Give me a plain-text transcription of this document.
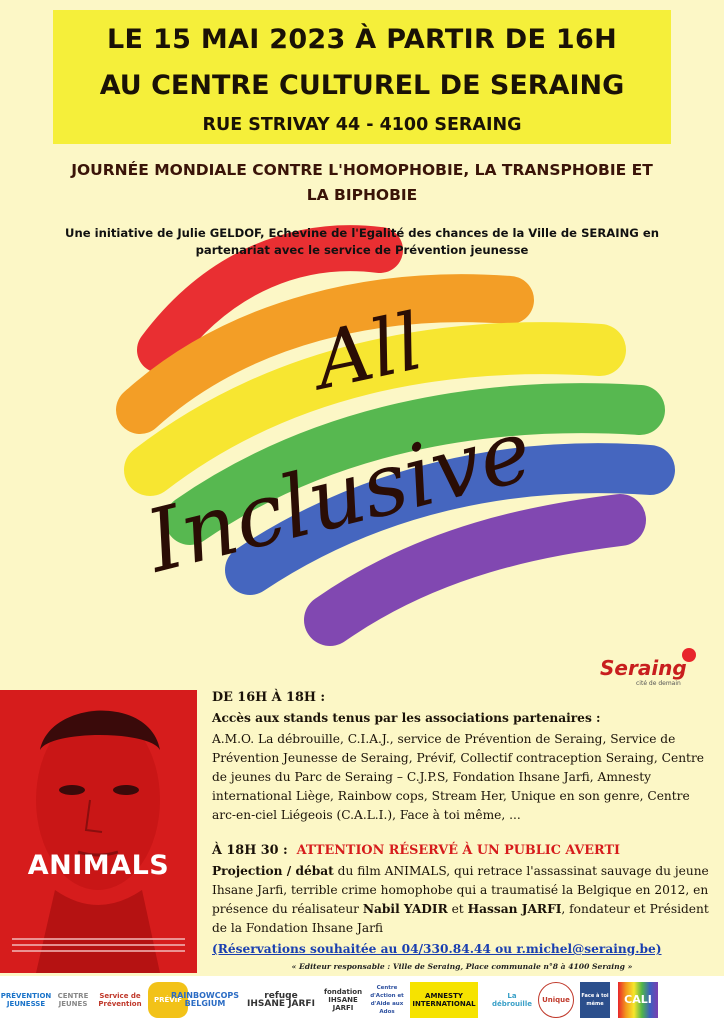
LE 15 MAI 2023 À PARTIR DE 16H
AU CENTRE CULTUREL DE SERAING
RUE STRIVAY 44 - 4100 SERAING
JOURNÉE MONDIALE CONTRE L'HOMOPHOBIE, LA TRANSPHOBIE ET
LA BIPHOBIE
All
Inclusive
Une initiative de Julie GELDOF, Echevine de l'Egalité des chances de la Ville de SERAING en
partenariat avec le service de Prévention jeunesse
Seraing
cité de demain
ANIMALS

DE 16H À 18H :

Accès aux stands tenus par les associations partenaires :

A.M.O. La débrouille, C.I.A.J., service de Prévention de Seraing, Service de Prévention Jeunesse de Seraing, Prévif, Collectif contraception Seraing, Centre de jeunes du Parc de Seraing – C.J.P.S, Fondation Ihsane Jarfi, Amnesty international Liège, Rainbow cops, Stream Her, Unique en son genre, Centre arc-en-ciel Liégeois (C.A.L.I.), Face à toi même, ...

À 18H 30 : ATTENTION RÉSERVÉ À UN PUBLIC AVERTI

Projection / débat du film ANIMALS, qui retrace l'assassinat sauvage du jeune Ihsane Jarfi, terrible crime homophobe qui a traumatisé la Belgique en 2012, en présence du réalisateur Nabil YADIR et Hassan JARFI, fondateur et Président de la Fondation Ihsane Jarfi

(Réservations souhaitée au 04/330.84.44 ou r.michel@seraing.be)

« Editeur responsable : Ville de Seraing, Place communale n°8 à 4100 Seraing »
PRÉVENTION JEUNESSE
CENTRE JEUNES
Service de Prévention PRÉVIF
RAINBOWCOPS BELGIUM
refuge IHSANE JARFI
fondation IHSANE JARFI
Centre d'Action et d'Aide aux Ados
AMNESTY INTERNATIONAL
La débrouille Unique Face à toi même	CALI
